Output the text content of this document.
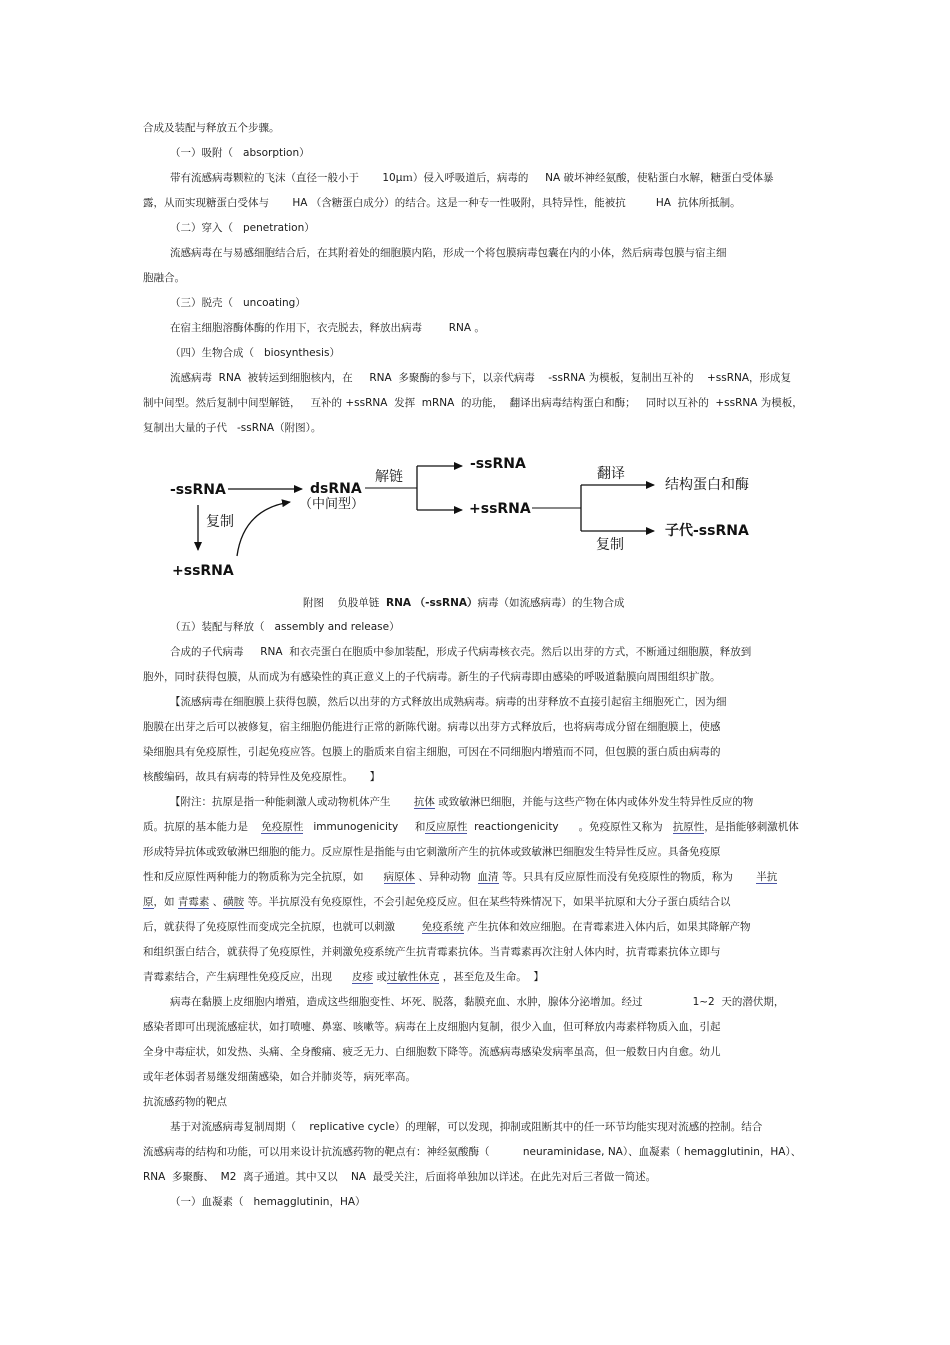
合成及装配与释放五个步骤。
（一）吸附（   absorption）
带有流感病毒颗粒的飞沫（直径一般小于       10μｍ）侵入呼吸道后，病毒的     NA 破坏神经氨酸，使粘蛋白水解，糖蛋白受体暴
露，从而实现糖蛋白受体与       HA （含糖蛋白成分）的结合。这是一种专一性吸附，具特异性，能被抗         HA  抗体所抵制。
（二）穿入（   penetration）
流感病毒在与易感细胞结合后，在其附着处的细胞膜内陷，形成一个将包膜病毒包囊在内的小体，然后病毒包膜与宿主细
胞融合。
（三）脱壳（   uncoating）
在宿主细胞溶酶体酶的作用下，衣壳脱去，释放出病毒        RNA 。
（四）生物合成（   biosynthesis）
流感病毒  RNA  被转运到细胞核内，在     RNA  多聚酶的参与下，以亲代病毒    -ssRNA 为模板，复制出互补的    +ssRNA，形成复
制中间型。然后复制中间型解链，   互补的 +ssRNA  发挥  mRNA  的功能，  翻译出病毒结构蛋白和酶；   同时以互补的  +ssRNA 为模板，
复制出大量的子代   -ssRNA（附图）。
（五）装配与释放（   assembly and release）
合成的子代病毒     RNA  和衣壳蛋白在胞质中参加装配，形成子代病毒核衣壳。然后以出芽的方式，不断通过细胞膜，释放到
胞外，同时获得包膜，从而成为有感染性的真正意义上的子代病毒。新生的子代病毒即由感染的呼吸道黏膜向周围组织扩散。
【流感病毒在细胞膜上获得包膜，然后以出芽的方式释放出成熟病毒。病毒的出芽释放不直接引起宿主细胞死亡，因为细
胞膜在出芽之后可以被修复，宿主细胞仍能进行正常的新陈代谢。病毒以出芽方式释放后，也将病毒成分留在细胞膜上，使感
染细胞具有免疫原性，引起免疫应答。包膜上的脂质来自宿主细胞，可因在不同细胞内增殖而不同，但包膜的蛋白质由病毒的
核酸编码，故具有病毒的特异性及免疫原性。     】
病毒在黏膜上皮细胞内增殖，造成这些细胞变性、坏死、脱落，黏膜充血、水肿，腺体分泌增加。经过               1~2  天的潜伏期，
感染者即可出现流感症状，如打喷嚏、鼻塞、咳嗽等。病毒在上皮细胞内复制，很少入血，但可释放内毒素样物质入血，引起
全身中毒症状，如发热、头痛、全身酸痛、疲乏无力、白细胞数下降等。流感病毒感染发病率虽高，但一般数日内自愈。幼儿
或年老体弱者易继发细菌感染，如合并肺炎等，病死率高。
抗流感药物的靶点
基于对流感病毒复制周期（    replicative cycle）的理解，可以发现，抑制或阻断其中的任一环节均能实现对流感的控制。结合
流感病毒的结构和功能，可以用来设计抗流感药物的靶点有：神经氨酸酶（          neuraminidase, NA）、血凝素（ hemagglutinin，HA）、
RNA  多聚酶、  M2  离子通道。其中又以    NA  最受关注，后面将单独加以详述。在此先对后三者做一简述。
（一）血凝素（   hemagglutinin，HA）
-ssRNA	dsRNA
（中间型）
解链
复制
+ssRNA
-ssRNA
+ssRNA
翻译
结构蛋白和酶
复制
子代-ssRNA
附图    负股单链  RNA （-ssRNA）病毒（如流感病毒）的生物合成
【附注：抗原是指一种能刺激人或动物机体产生       抗体 或致敏淋巴细胞，并能与这些产物在体内或体外发生特异性反应的物
质。抗原的基本能力是    免疫原性   immunogenicity     和反应原性  reactiongenicity      。免疫原性又称为   抗原性，是指能够刺激机体
形成特异抗体或致敏淋巴细胞的能力。反应原性是指能与由它刺激所产生的抗体或致敏淋巴细胞发生特异性反应。具备免疫原
性和反应原性两种能力的物质称为完全抗原，如      病原体 、异种动物  血清 等。只具有反应原性而没有免疫原性的物质，称为       半抗
原，如 青霉素 、磺胺 等。半抗原没有免疫原性，不会引起免疫反应。但在某些特殊情况下，如果半抗原和大分子蛋白质结合以
后，就获得了免疫原性而变成完全抗原，也就可以刺激        免疫系统 产生抗体和效应细胞。在青霉素进入体内后，如果其降解产物
和组织蛋白结合，就获得了免疫原性，并刺激免疫系统产生抗青霉素抗体。当青霉素再次注射人体内时，抗青霉素抗体立即与
青霉素结合，产生病理性免疫反应，出现      皮疹 或过敏性休克 ，甚至危及生命。  】
